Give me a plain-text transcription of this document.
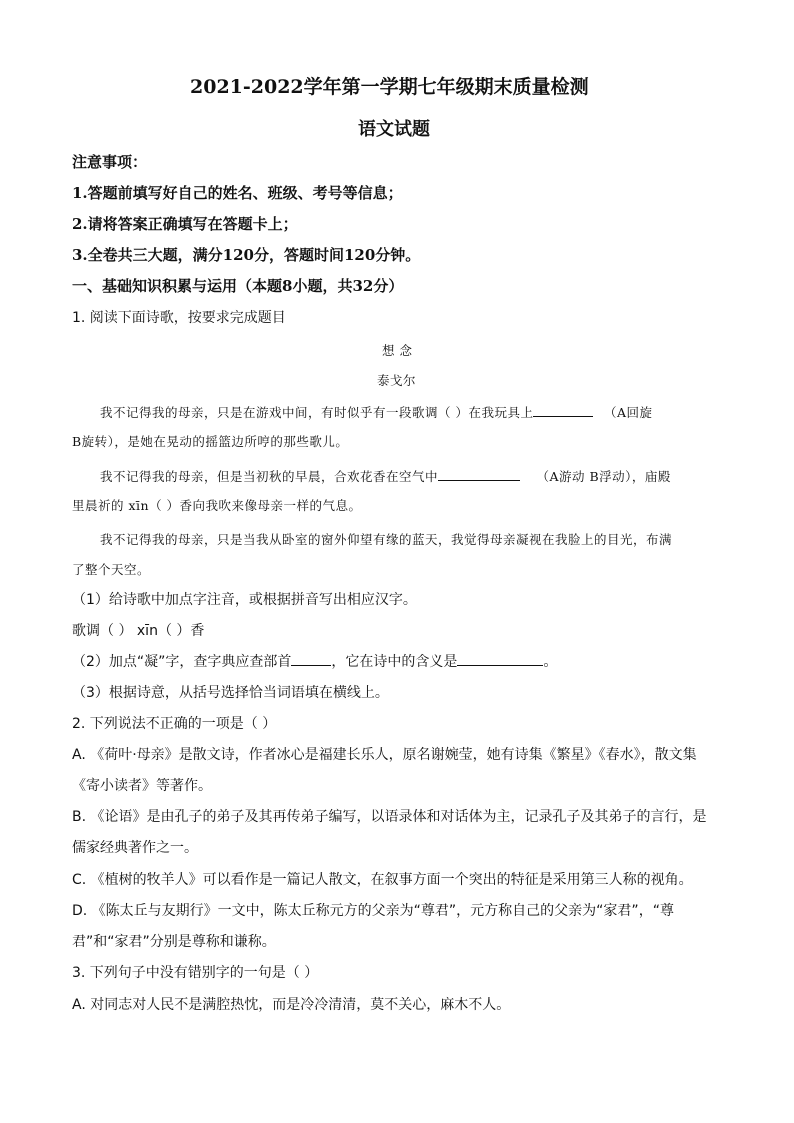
2021-2022学年第一学期七年级期末质量检测
语文试题
注意事项：
1.答题前填写好自己的姓名、班级、考号等信息；
2.请将答案正确填写在答题卡上；
3.全卷共三大题，满分120分，答题时间120分钟。
一、基础知识积累与运用（本题8小题，共32分）
1. 阅读下面诗歌，按要求完成题目
想 念
泰戈尔
我不记得我的母亲，只是在游戏中间，有时似乎有一段歌调（ ）在我玩具上	（A回旋
B旋转），是她在晃动的摇篮边所哼的那些歌儿。
我不记得我的母亲，但是当初秋的早晨，合欢花香在空气中	（A游动 B浮动），庙殿
里晨祈的 xīn（ ）香向我吹来像母亲一样的气息。
我不记得我的母亲，只是当我从卧室的窗外仰望有缘的蓝天，我觉得母亲凝视在我脸上的目光，布满
了整个天空。
（1）给诗歌中加点字注音，或根据拼音写出相应汉字。
歌调（ ） xīn（ ）香
（2）加点“凝”字，查字典应查部首	，它在诗中的含义是	。
（3）根据诗意，从括号选择恰当词语填在横线上。
2. 下列说法不正确的一项是（ ）
A. 《荷叶·母亲》是散文诗，作者冰心是福建长乐人，原名谢婉莹，她有诗集《繁星》《春水》，散文集
《寄小读者》等著作。
B. 《论语》是由孔子的弟子及其再传弟子编写，以语录体和对话体为主，记录孔子及其弟子的言行，是
儒家经典著作之一。
C. 《植树的牧羊人》可以看作是一篇记人散文，在叙事方面一个突出的特征是采用第三人称的视角。
D. 《陈太丘与友期行》一文中，陈太丘称元方的父亲为“尊君”，元方称自己的父亲为“家君”，“尊
君”和“家君”分别是尊称和谦称。
3. 下列句子中没有错别字的一句是（ ）
A. 对同志对人民不是满腔热忱，而是冷冷清清，莫不关心，麻木不人。
